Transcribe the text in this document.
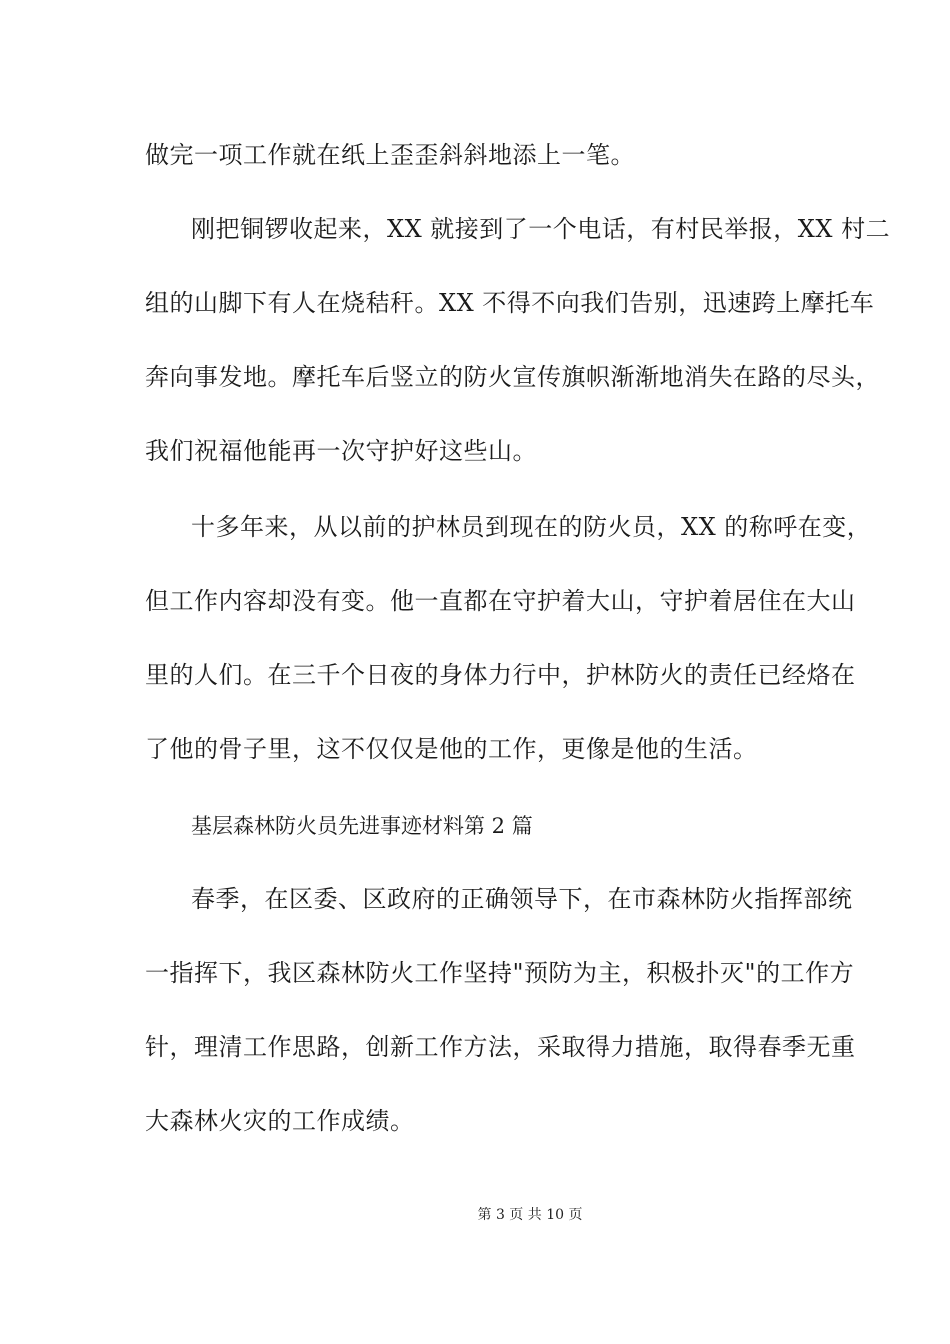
做完一项工作就在纸上歪歪斜斜地添上一笔。
刚把铜锣收起来，XX 就接到了一个电话，有村民举报，XX 村二
组的山脚下有人在烧秸秆。XX 不得不向我们告别，迅速跨上摩托车
奔向事发地。摩托车后竖立的防火宣传旗帜渐渐地消失在路的尽头，
我们祝福他能再一次守护好这些山。
十多年来，从以前的护林员到现在的防火员，XX 的称呼在变，
但工作内容却没有变。他一直都在守护着大山，守护着居住在大山
里的人们。在三千个日夜的身体力行中，护林防火的责任已经烙在
了他的骨子里，这不仅仅是他的工作，更像是他的生活。
基层森林防火员先进事迹材料第 2 篇
春季，在区委、区政府的正确领导下，在市森林防火指挥部统
一指挥下，我区森林防火工作坚持"预防为主，积极扑灭"的工作方
针，理清工作思路，创新工作方法，采取得力措施，取得春季无重
大森林火灾的工作成绩。
第 3 页 共 10 页
